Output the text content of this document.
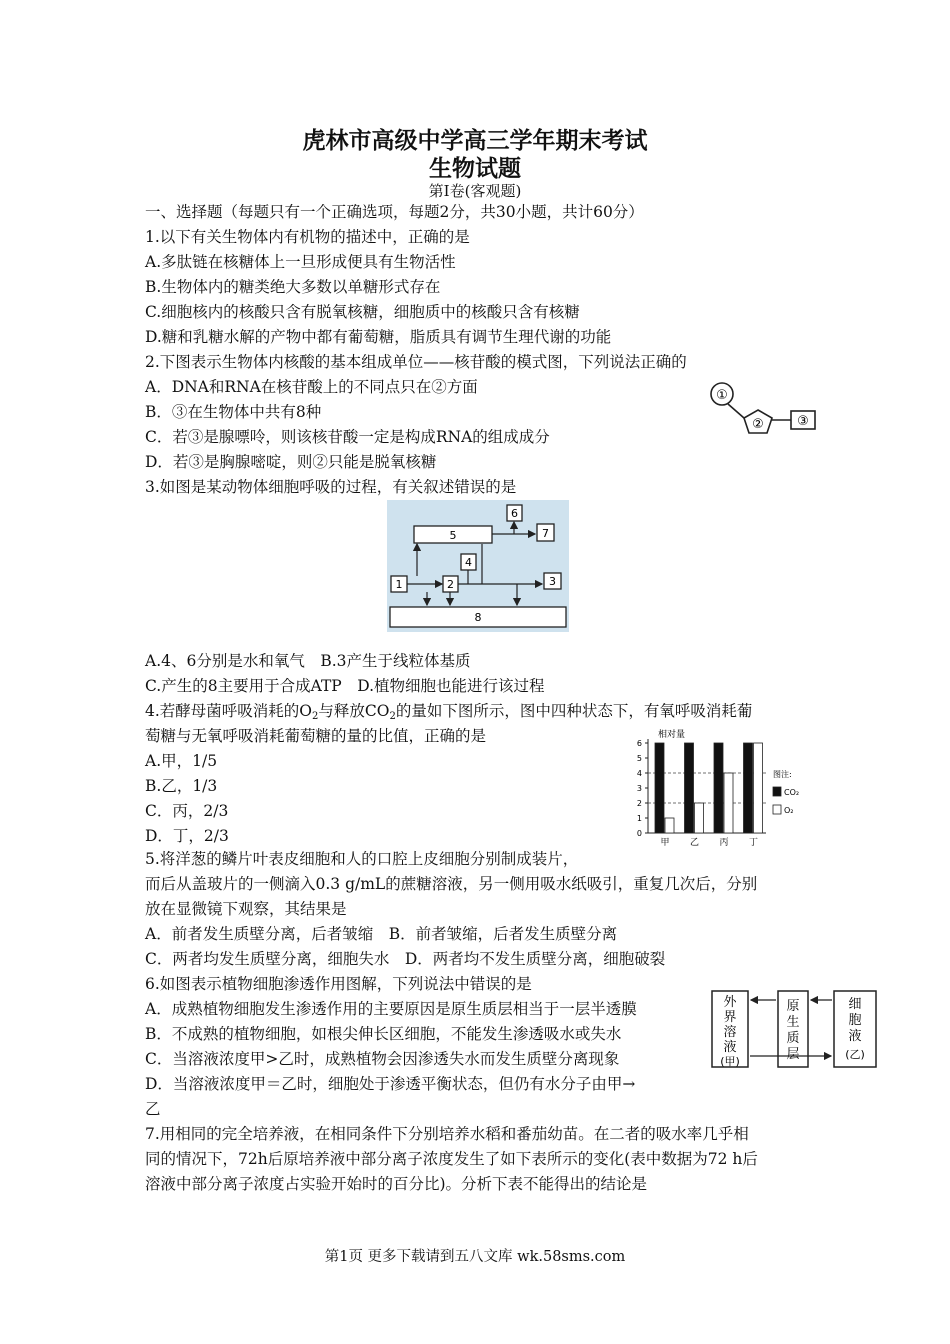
虎林市高级中学高三学年期末考试
生物试题
第Ⅰ卷(客观题)
一、选择题（每题只有一个正确选项，每题2分，共30小题，共计60分）
1.以下有关生物体内有机物的描述中，正确的是
A.多肽链在核糖体上一旦形成便具有生物活性
B.生物体内的糖类绝大多数以单糖形式存在
C.细胞核内的核酸只含有脱氧核糖，细胞质中的核酸只含有核糖
D.糖和乳糖水解的产物中都有葡萄糖，脂质具有调节生理代谢的功能
2.下图表示生物体内核酸的基本组成单位——核苷酸的模式图，下列说法正确的
A．DNA和RNA在核苷酸上的不同点只在②方面
B．③在生物体中共有8种
C．若③是腺嘌呤，则该核苷酸一定是构成RNA的组成成分
D．若③是胸腺嘧啶，则②只能是脱氧核糖
①
②	③
3.如图是某动物体细胞呼吸的过程，有关叙述错误的是
5
6
7
4
1	2	3
8
A.4、6分别是水和氧气　B.3产生于线粒体基质
C.产生的8主要用于合成ATP　D.植物细胞也能进行该过程
4.若酵母菌呼吸消耗的$O_2$与释放$CO_2$的量如下图所示，图中四种状态下，有氧呼吸消耗葡
萄糖与无氧呼吸消耗葡萄糖的量的比值，正确的是
A.甲，1/5
B.乙，1/3
C．丙，2/3
D．丁，2/3
相对量
0
1
2
3
4
5
6
甲 乙 丙 丁
图注:
CO₂
O₂
5.将洋葱的鳞片叶表皮细胞和人的口腔上皮细胞分别制成装片，
而后从盖玻片的一侧滴入0.3 g/mL的蔗糖溶液，另一侧用吸水纸吸引，重复几次后，分别
放在显微镜下观察，其结果是
A．前者发生质壁分离，后者皱缩　B．前者皱缩，后者发生质壁分离
C．两者均发生质壁分离，细胞失水　D．两者均不发生质壁分离，细胞破裂
6.如图表示植物细胞渗透作用图解，下列说法中错误的是
A．成熟植物细胞发生渗透作用的主要原因是原生质层相当于一层半透膜
B．不成熟的植物细胞，如根尖伸长区细胞，不能发生渗透吸水或失水
C．当溶液浓度甲>乙时，成熟植物会因渗透失水而发生质壁分离现象
D．当溶液浓度甲＝乙时，细胞处于渗透平衡状态，但仍有水分子由甲→
乙
外
界
溶
液
(甲)
原
生
质
层
细
胞
液
(乙)
7.用相同的完全培养液，在相同条件下分别培养水稻和番茄幼苗。在二者的吸水率几乎相
同的情况下，72h后原培养液中部分离子浓度发生了如下表所示的变化(表中数据为72 h后
溶液中部分离子浓度占实验开始时的百分比)。分析下表不能得出的结论是
第1页 更多下载请到五八文库 wk.58sms.com
